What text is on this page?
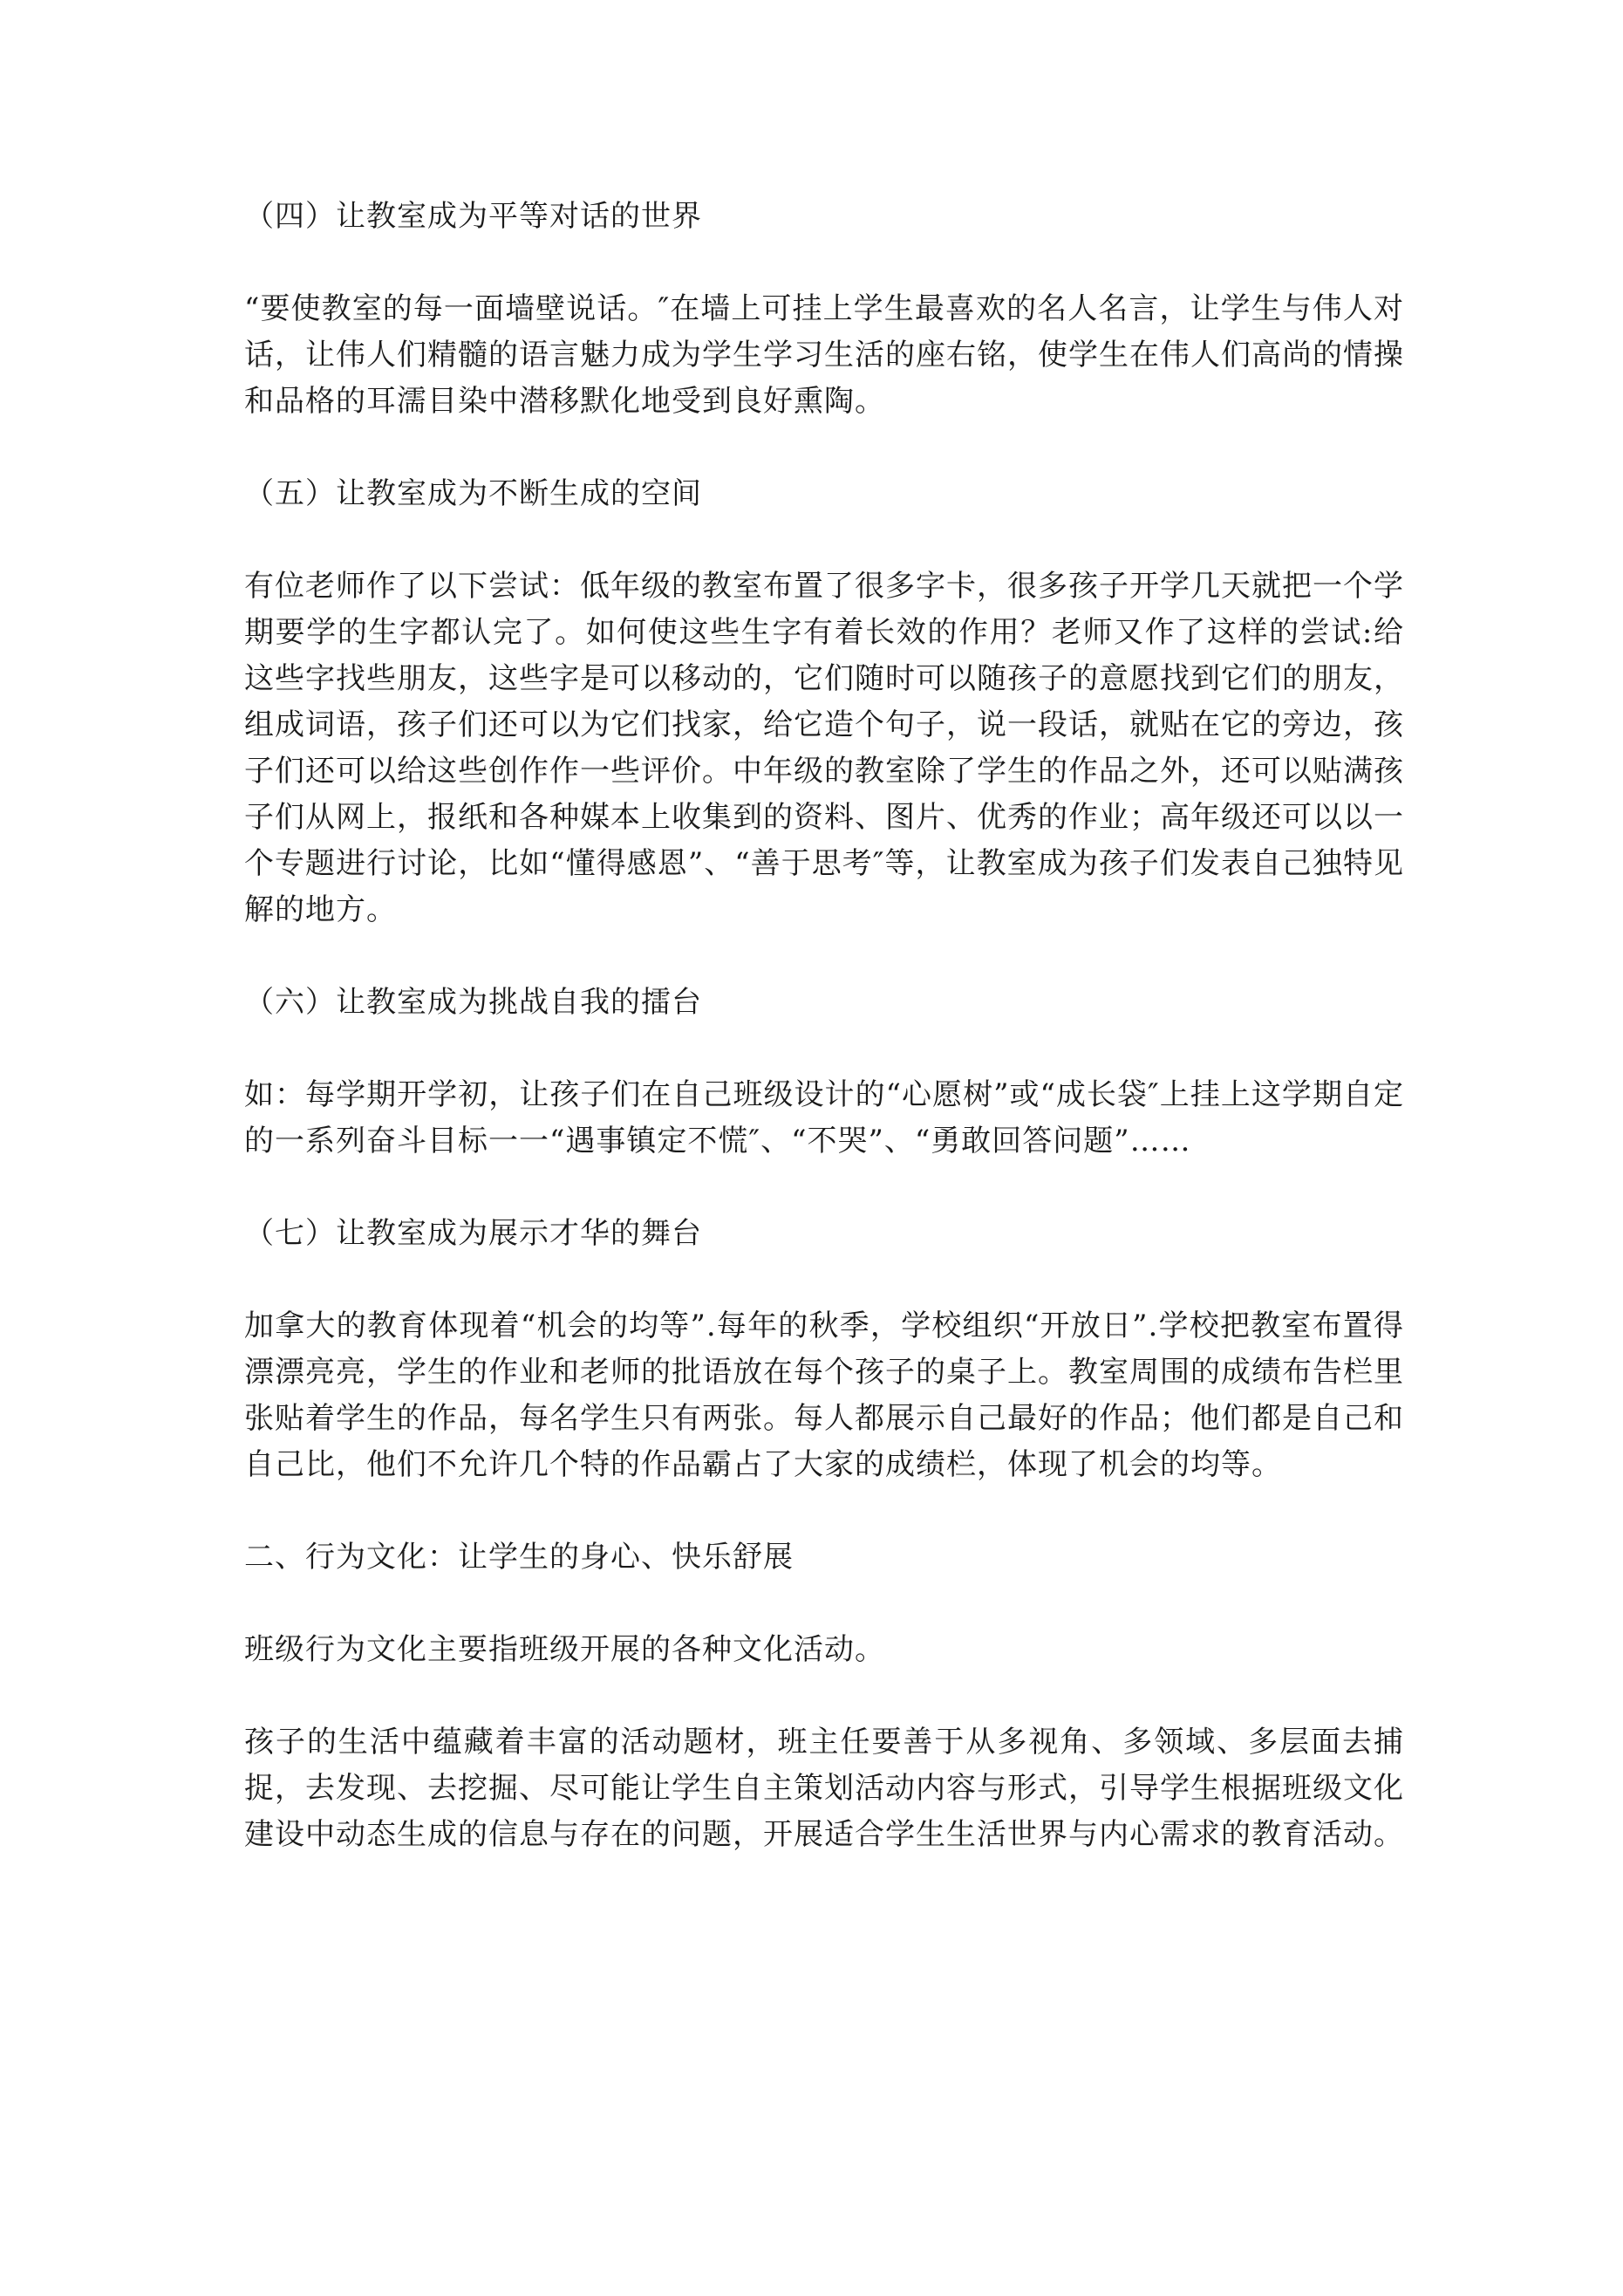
（四）让教室成为平等对话的世界

“要使教室的每一面墙壁说话。″在墙上可挂上学生最喜欢的名人名言，让学生与伟人对话，让伟人们精髓的语言魅力成为学生学习生活的座右铭，使学生在伟人们高尚的情操和品格的耳濡目染中潜移默化地受到良好熏陶。

（五）让教室成为不断生成的空间

有位老师作了以下尝试：低年级的教室布置了很多字卡，很多孩子开学几天就把一个学期要学的生字都认完了。如何使这些生字有着长效的作用？老师又作了这样的尝试:给这些字找些朋友，这些字是可以移动的，它们随时可以随孩子的意愿找到它们的朋友，组成词语，孩子们还可以为它们找家，给它造个句子，说一段话，就贴在它的旁边，孩子们还可以给这些创作作一些评价。中年级的教室除了学生的作品之外，还可以贴满孩子们从网上，报纸和各种媒本上收集到的资料、图片、优秀的作业；高年级还可以以一个专题进行讨论，比如“懂得感恩”、“善于思考″等，让教室成为孩子们发表自己独特见解的地方。

（六）让教室成为挑战自我的擂台

如：每学期开学初，让孩子们在自己班级设计的“心愿树”或“成长袋″上挂上这学期自定的一系列奋斗目标一一“遇事镇定不慌″、“不哭”、“勇敢回答问题”……

（七）让教室成为展示才华的舞台

加拿大的教育体现着“机会的均等”.每年的秋季，学校组织“开放日”.学校把教室布置得漂漂亮亮，学生的作业和老师的批语放在每个孩子的桌子上。教室周围的成绩布告栏里张贴着学生的作品，每名学生只有两张。每人都展示自己最好的作品；他们都是自己和自己比，他们不允许几个特的作品霸占了大家的成绩栏，体现了机会的均等。

二、行为文化：让学生的身心、快乐舒展

班级行为文化主要指班级开展的各种文化活动。

孩子的生活中蕴藏着丰富的活动题材，班主任要善于从多视角、多领域、多层面去捕捉，去发现、去挖掘、尽可能让学生自主策划活动内容与形式，引导学生根据班级文化建设中动态生成的信息与存在的问题，开展适合学生生活世界与内心需求的教育活动。
